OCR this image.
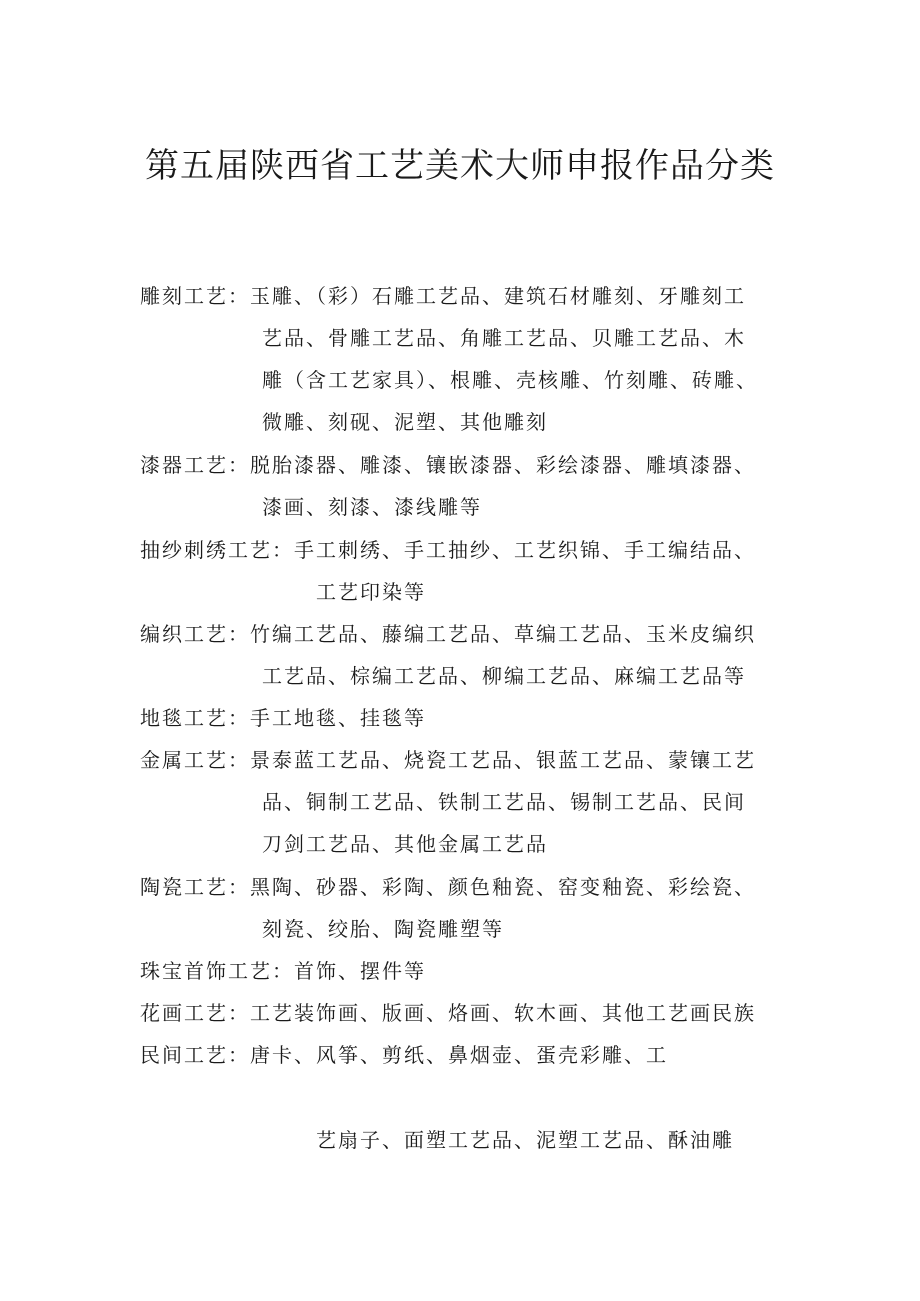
第五届陕西省工艺美术大师申报作品分类
雕刻工艺：玉雕、（彩）石雕工艺品、建筑石材雕刻、牙雕刻工
艺品、骨雕工艺品、角雕工艺品、贝雕工艺品、木
雕（含工艺家具）、根雕、壳核雕、竹刻雕、砖雕、
微雕、刻砚、泥塑、其他雕刻
漆器工艺：脱胎漆器、雕漆、镶嵌漆器、彩绘漆器、雕填漆器、
漆画、刻漆、漆线雕等
抽纱刺绣工艺：手工刺绣、手工抽纱、工艺织锦、手工编结品、
工艺印染等
编织工艺：竹编工艺品、藤编工艺品、草编工艺品、玉米皮编织
工艺品、棕编工艺品、柳编工艺品、麻编工艺品等
地毯工艺：手工地毯、挂毯等
金属工艺：景泰蓝工艺品、烧瓷工艺品、银蓝工艺品、蒙镶工艺
品、铜制工艺品、铁制工艺品、锡制工艺品、民间
刀剑工艺品、其他金属工艺品
陶瓷工艺：黑陶、砂器、彩陶、颜色釉瓷、窑变釉瓷、彩绘瓷、
刻瓷、绞胎、陶瓷雕塑等
珠宝首饰工艺：首饰、摆件等
花画工艺：工艺装饰画、版画、烙画、软木画、其他工艺画民族
民间工艺：唐卡、风筝、剪纸、鼻烟壶、蛋壳彩雕、工
艺扇子、面塑工艺品、泥塑工艺品、酥油雕
